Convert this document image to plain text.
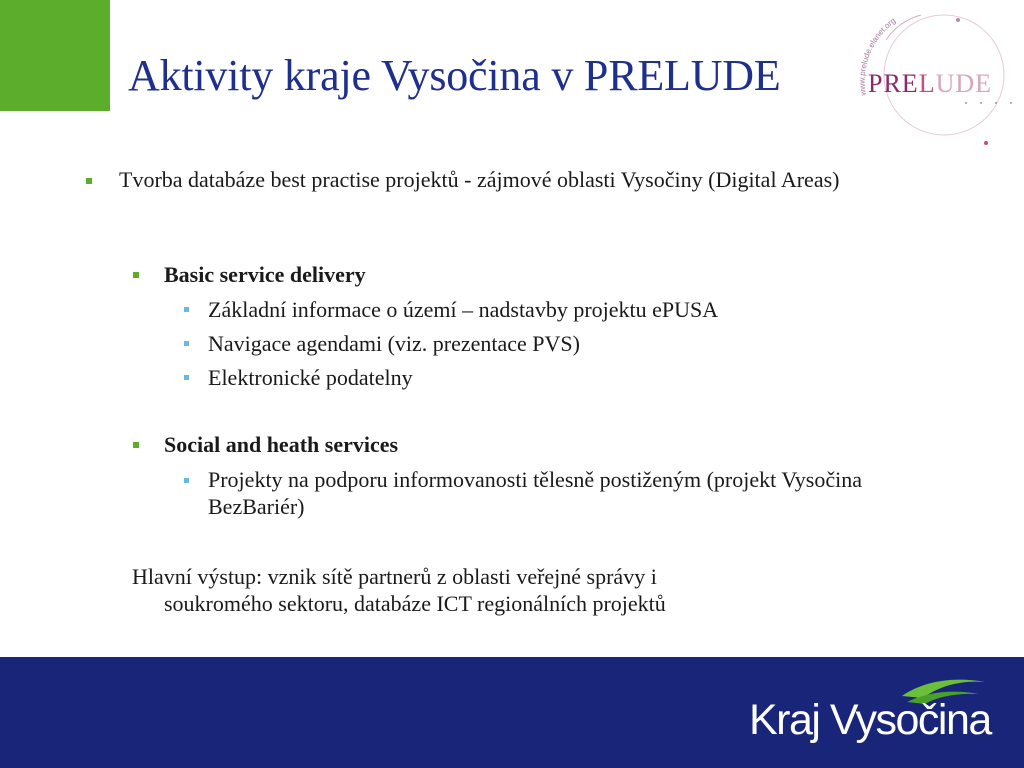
Aktivity kraje Vysočina v PRELUDE	www.prelude.elanet.org
PRELUDE
Tvorba databáze best practise projektů - zájmové oblasti Vysočiny (Digital Areas)
Basic service delivery
Základní informace o území – nadstavby projektu ePUSA
Navigace agendami (viz. prezentace PVS)
Elektronické podatelny
Social and heath services
Projekty na podporu informovanosti tělesně postiženým (projekt Vysočina BezBariér)
Hlavní výstup: vznik sítě partnerů z oblasti veřejné správy i
soukromého sektoru, databáze ICT regionálních projektů
Kraj Vysočina
